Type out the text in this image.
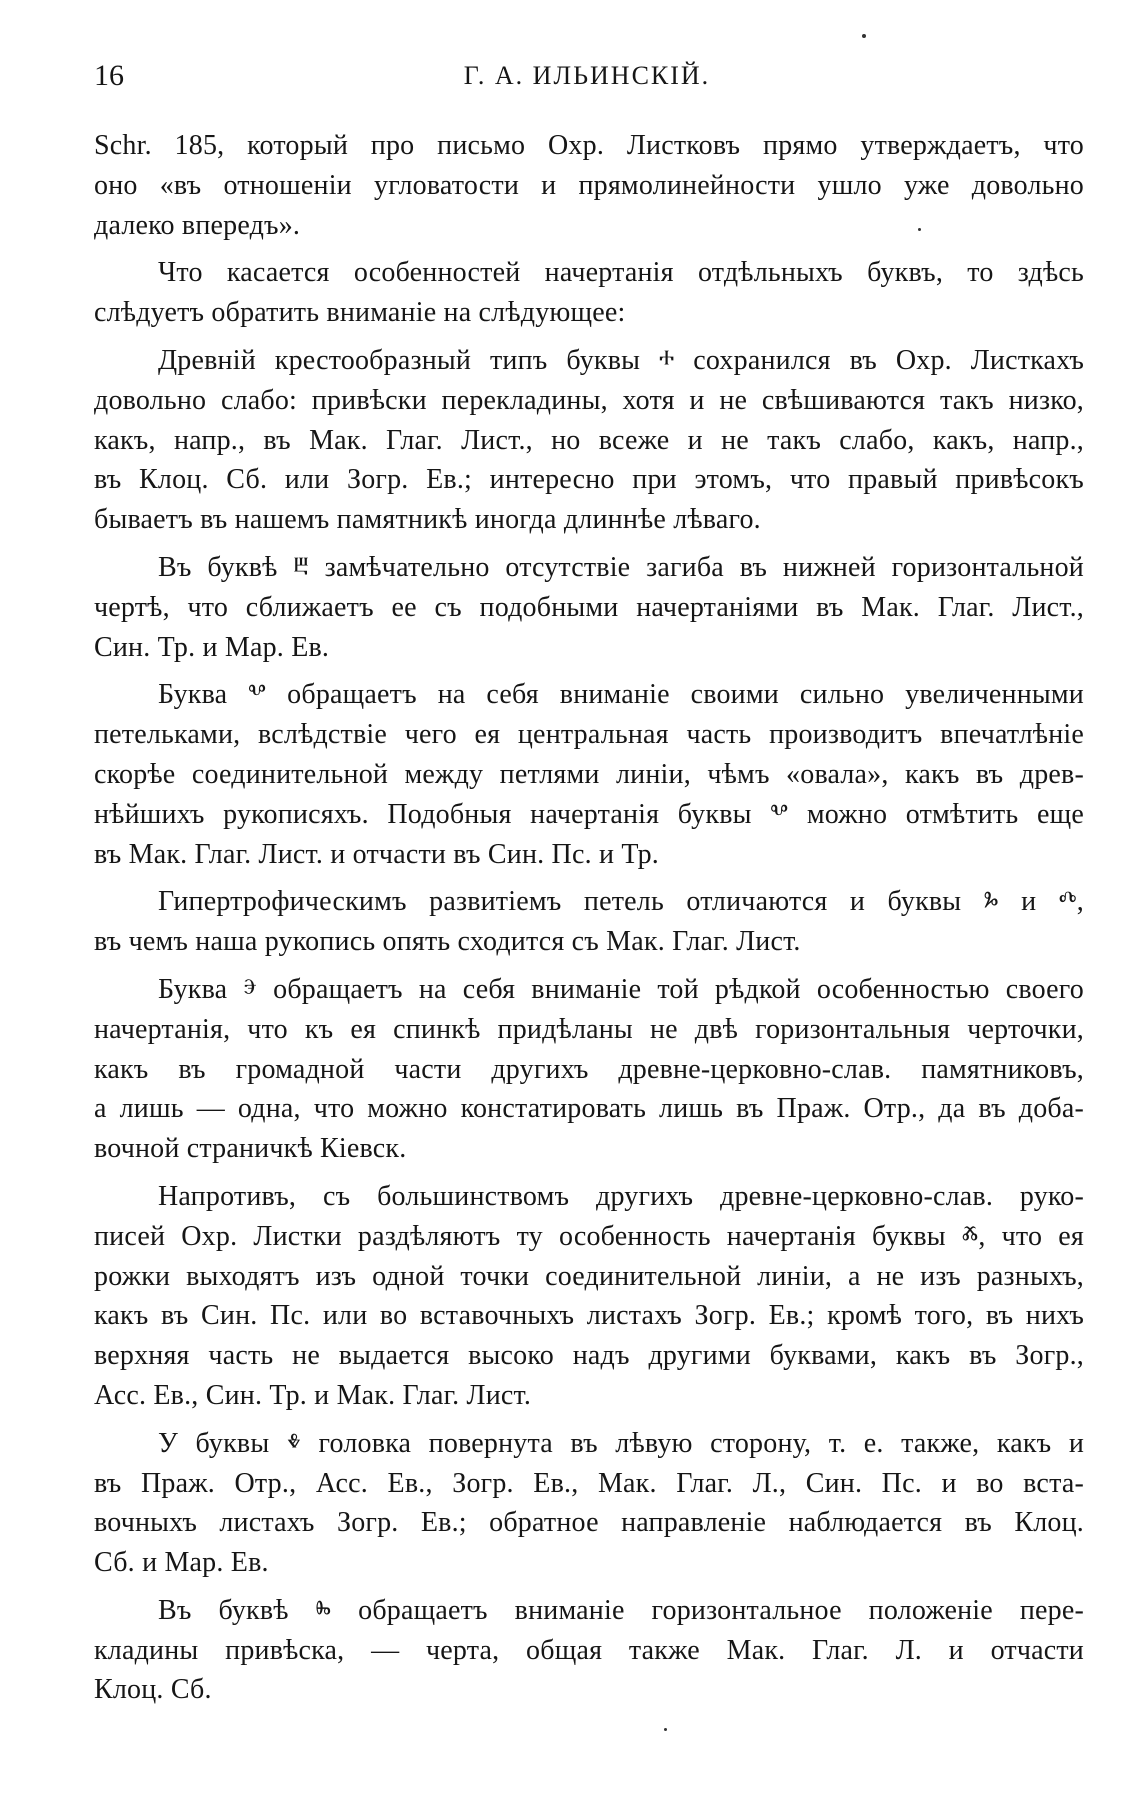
16	Г. А. ИЛЬИНСКІЙ.
Schr. 185, который про письмо Охр. Листковъ прямо утверждаетъ, что
оно «въ отношеніи угловатости и прямолинейности ушло уже довольно
далеко впередъ».
Что касается особенностей начертанія отдѣльныхъ буквъ, то здѣсь
слѣдуетъ обратить вниманіе на слѣдующее:
Древній крестообразный типъ буквы ⰰ сохранился въ Охр. Листкахъ
довольно слабо: привѣски перекладины, хотя и не свѣшиваются такъ низко,
какъ, напр., въ Мак. Глаг. Лист., но всеже и не такъ слабо, какъ, напр.,
въ Клоц. Сб. или Зогр. Ев.; интересно при этомъ, что правый привѣсокъ
бываетъ въ нашемъ памятникѣ иногда длиннѣе лѣваго.
Въ буквѣ ⰱ замѣчательно отсутствіе загиба въ нижней горизонтальной
чертѣ, что сближаетъ ее съ подобными начертаніями въ Мак. Глаг. Лист.,
Син. Тр. и Мар. Ев.
Буква ⰲ обращаетъ на себя вниманіе своими сильно увеличенными
петельками, вслѣдствіе чего ея центральная часть производитъ впечатлѣніе
скорѣе соединительной между петлями линіи, чѣмъ «овала», какъ въ древ-
нѣйшихъ рукописяхъ. Подобныя начертанія буквы ⰲ можно отмѣтить еще
въ Мак. Глаг. Лист. и отчасти въ Син. Пс. и Тр.
Гипертрофическимъ развитіемъ петель отличаются и буквы ⰳ и ⰴ,
въ чемъ наша рукопись опять сходится съ Мак. Глаг. Лист.
Буква ⰵ обращаетъ на себя вниманіе той рѣдкой особенностью своего
начертанія, что къ ея спинкѣ придѣланы не двѣ горизонтальныя черточки,
какъ въ громадной части другихъ древне-церковно-слав. памятниковъ,
а лишь — одна, что можно констатировать лишь въ Праж. Отр., да въ доба-
вочной страничкѣ Кіевск.
Напротивъ, съ большинствомъ другихъ древне-церковно-слав. руко-
писей Охр. Листки раздѣляютъ ту особенность начертанія буквы ⰶ, что ея
рожки выходятъ изъ одной точки соединительной линіи, а не изъ разныхъ,
какъ въ Син. Пс. или во вставочныхъ листахъ Зогр. Ев.; кромѣ того, въ нихъ
верхняя часть не выдается высоко надъ другими буквами, какъ въ Зогр.,
Асс. Ев., Син. Тр. и Мак. Глаг. Лист.
У буквы ⰷ головка повернута въ лѣвую сторону, т. е. также, какъ и
въ Праж. Отр., Асс. Ев., Зогр. Ев., Мак. Глаг. Л., Син. Пс. и во вста-
вочныхъ листахъ Зогр. Ев.; обратное направленіе наблюдается въ Клоц.
Сб. и Мар. Ев.
Въ буквѣ ⰸ обращаетъ вниманіе горизонтальное положеніе пере-
кладины привѣска, — черта, общая также Мак. Глаг. Л. и отчасти
Клоц. Сб.
